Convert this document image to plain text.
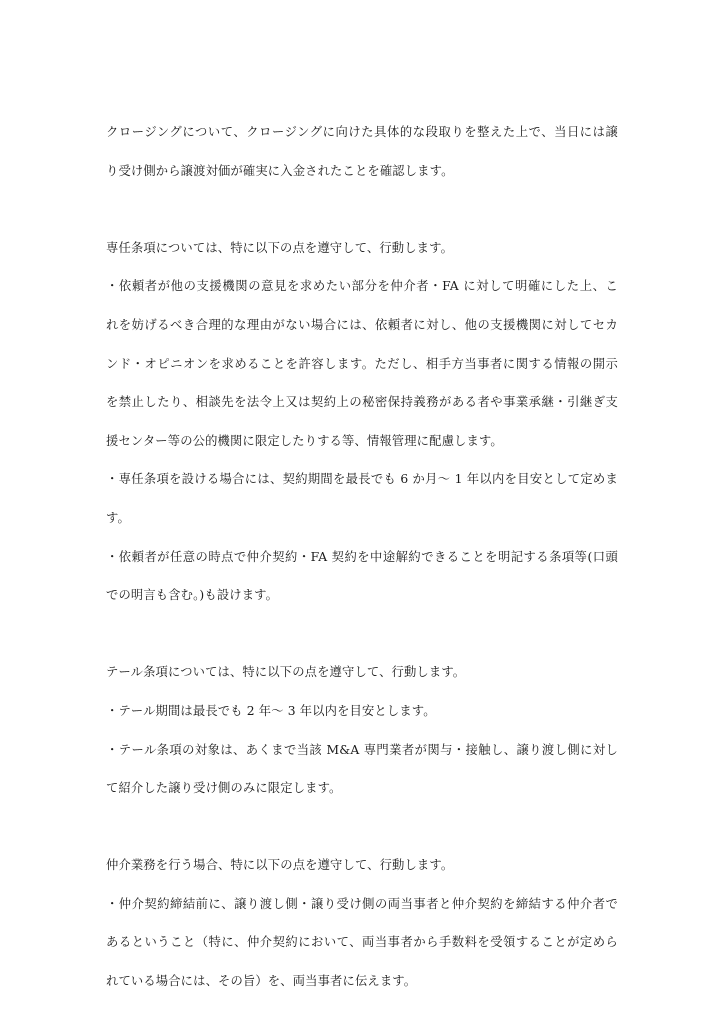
クロージングについて、クロージングに向けた具体的な段取りを整えた上で、当日には譲
り受け側から譲渡対価が確実に入金されたことを確認します。
専任条項については、特に以下の点を遵守して、行動します。
・依頼者が他の支援機関の意見を求めたい部分を仲介者・FA に対して明確にした上、こ
れを妨げるべき合理的な理由がない場合には、依頼者に対し、他の支援機関に対してセカ
ンド・オピニオンを求めることを許容します。ただし、相手方当事者に関する情報の開示
を禁止したり、相談先を法令上又は契約上の秘密保持義務がある者や事業承継・引継ぎ支
援センター等の公的機関に限定したりする等、情報管理に配慮します。
・専任条項を設ける場合には、契約期間を最長でも 6 か月～ 1 年以内を目安として定めま
す。
・依頼者が任意の時点で仲介契約・FA 契約を中途解約できることを明記する条項等(口頭
での明言も含む。)も設けます。
テール条項については、特に以下の点を遵守して、行動します。
・テール期間は最長でも 2 年～ 3 年以内を目安とします。
・テール条項の対象は、あくまで当該 M&A 専門業者が関与・接触し、譲り渡し側に対し
て紹介した譲り受け側のみに限定します。
仲介業務を行う場合、特に以下の点を遵守して、行動します。
・仲介契約締結前に、譲り渡し側・譲り受け側の両当事者と仲介契約を締結する仲介者で
あるということ（特に、仲介契約において、両当事者から手数料を受領することが定めら
れている場合には、その旨）を、両当事者に伝えます。
